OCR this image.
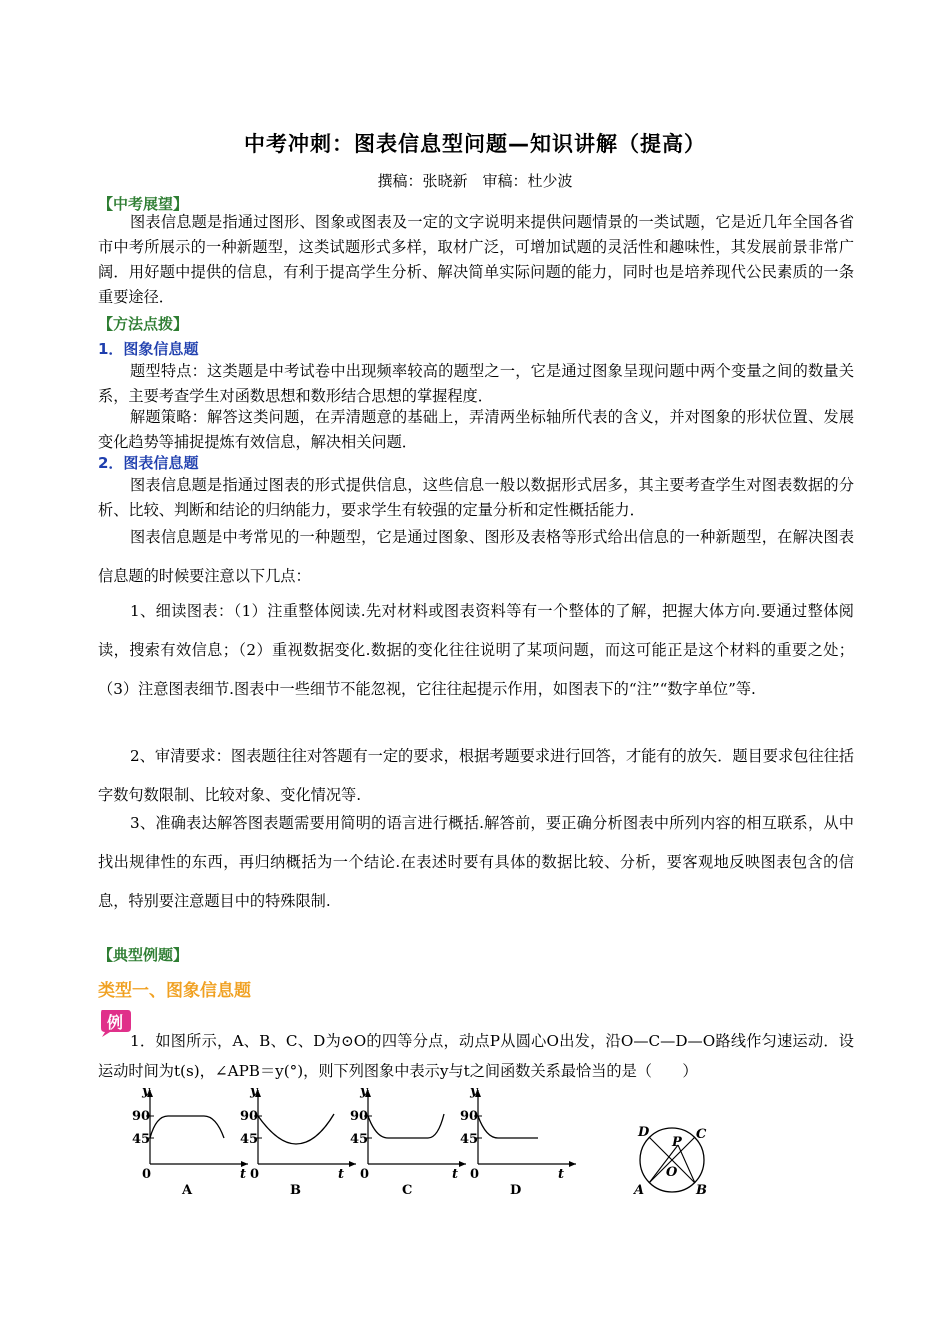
中考冲刺：图表信息型问题—知识讲解（提高）
撰稿：张晓新　审稿：杜少波
【中考展望】
图表信息题是指通过图形、图象或图表及一定的文字说明来提供问题情景的一类试题，它是近几年全国各省市中考所展示的一种新题型，这类试题形式多样，取材广泛，可增加试题的灵活性和趣味性，其发展前景非常广阔．用好题中提供的信息，有利于提高学生分析、解决简单实际问题的能力，同时也是培养现代公民素质的一条重要途径．
【方法点拨】
1．图象信息题
题型特点：这类题是中考试卷中出现频率较高的题型之一，它是通过图象呈现问题中两个变量之间的数量关系，主要考查学生对函数思想和数形结合思想的掌握程度．
解题策略：解答这类问题，在弄清题意的基础上，弄清两坐标轴所代表的含义，并对图象的形状位置、发展变化趋势等捕捉提炼有效信息，解决相关问题．
2．图表信息题
图表信息题是指通过图表的形式提供信息，这些信息一般以数据形式居多，其主要考查学生对图表数据的分析、比较、判断和结论的归纳能力，要求学生有较强的定量分析和定性概括能力．
图表信息题是中考常见的一种题型，它是通过图象、图形及表格等形式给出信息的一种新题型，在解决图表信息题的时候要注意以下几点：
1、细读图表：（1）注重整体阅读.先对材料或图表资料等有一个整体的了解，把握大体方向.要通过整体阅读，搜索有效信息；（2）重视数据变化.数据的变化往往说明了某项问题，而这可能正是这个材料的重要之处；（3）注意图表细节.图表中一些细节不能忽视，它往往起提示作用，如图表下的“注”“数字单位”等.
2、审清要求：图表题往往对答题有一定的要求，根据考题要求进行回答，才能有的放矢．题目要求包往往括字数句数限制、比较对象、变化情况等.
3、准确表达解答图表题需要用简明的语言进行概括.解答前，要正确分析图表中所列内容的相互联系，从中找出规律性的东西，再归纳概括为一个结论.在表述时要有具体的数据比较、分析，要客观地反映图表包含的信息，特别要注意题目中的特殊限制.
【典型例题】
类型一、图象信息题
例
1．如图所示，A、B、C、D为⊙O的四等分点，动点P从圆心O出发，沿O—C—D—O路线作匀速运动．设运动时间为t(s)，∠APB＝y(°)，则下列图象中表示y与t之间函数关系最恰当的是（　　）
y
90
45
0	t
A
y
90
45
0	t
B
y
90
45
0	t
C
y
90
45
0	t
D
D
P
C
O
A	B
